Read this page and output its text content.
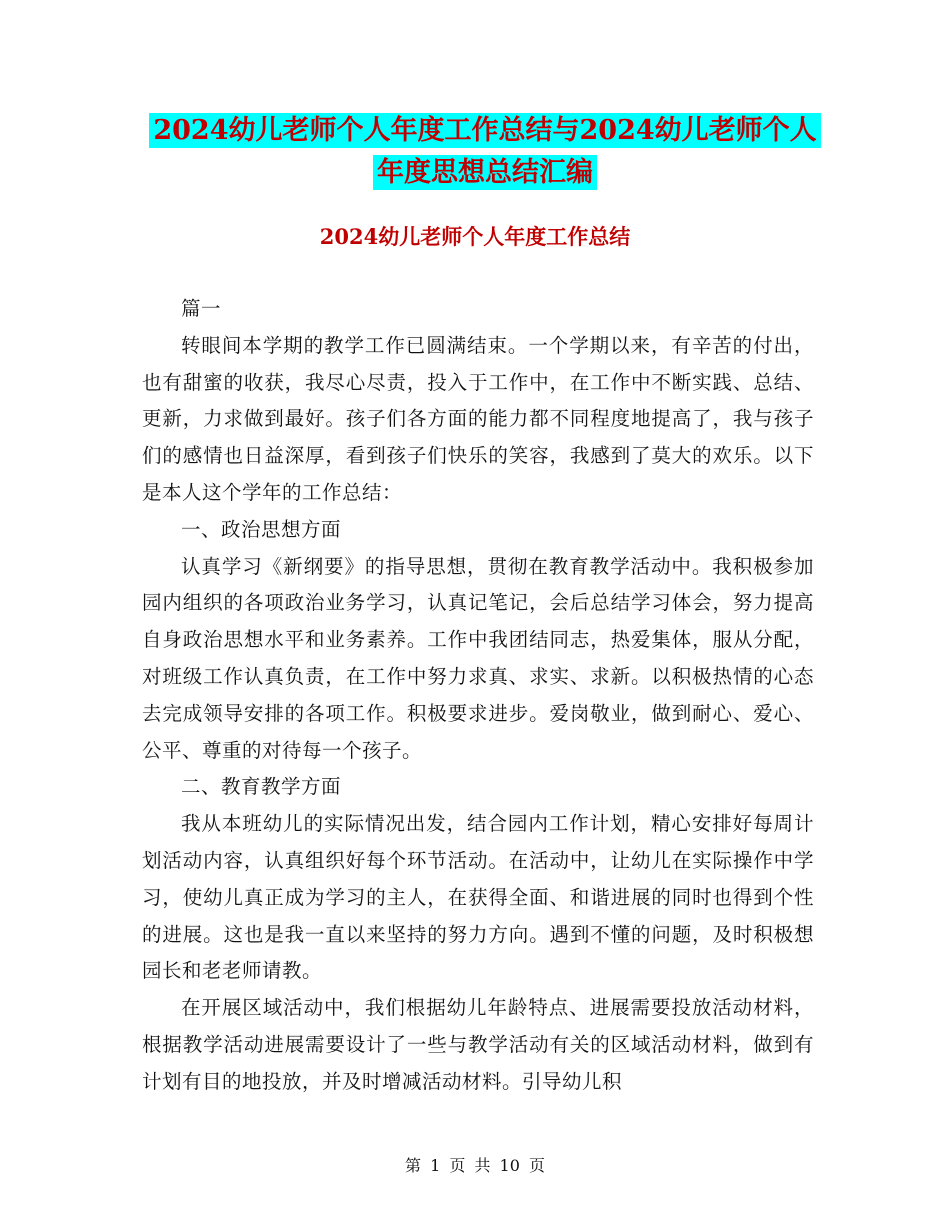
2024幼儿老师个人年度工作总结与2024幼儿老师个人年度思想总结汇编
2024幼儿老师个人年度工作总结

篇一

转眼间本学期的教学工作已圆满结束。一个学期以来，有辛苦的付出，也有甜蜜的收获，我尽心尽责，投入于工作中，在工作中不断实践、总结、更新，力求做到最好。孩子们各方面的能力都不同程度地提高了，我与孩子们的感情也日益深厚，看到孩子们快乐的笑容，我感到了莫大的欢乐。以下是本人这个学年的工作总结：

一、政治思想方面

认真学习《新纲要》的指导思想，贯彻在教育教学活动中。我积极参加园内组织的各项政治业务学习，认真记笔记，会后总结学习体会，努力提高自身政治思想水平和业务素养。工作中我团结同志，热爱集体，服从分配，对班级工作认真负责，在工作中努力求真、求实、求新。以积极热情的心态去完成领导安排的各项工作。积极要求进步。爱岗敬业，做到耐心、爱心、公平、尊重的对待每一个孩子。

二、教育教学方面

我从本班幼儿的实际情况出发，结合园内工作计划，精心安排好每周计划活动内容，认真组织好每个环节活动。在活动中，让幼儿在实际操作中学习，使幼儿真正成为学习的主人，在获得全面、和谐进展的同时也得到个性的进展。这也是我一直以来坚持的努力方向。遇到不懂的问题，及时积极想园长和老老师请教。

在开展区域活动中，我们根据幼儿年龄特点、进展需要投放活动材料，根据教学活动进展需要设计了一些与教学活动有关的区域活动材料，做到有计划有目的地投放，并及时增减活动材料。引导幼儿积

第 1 页 共 10 页
